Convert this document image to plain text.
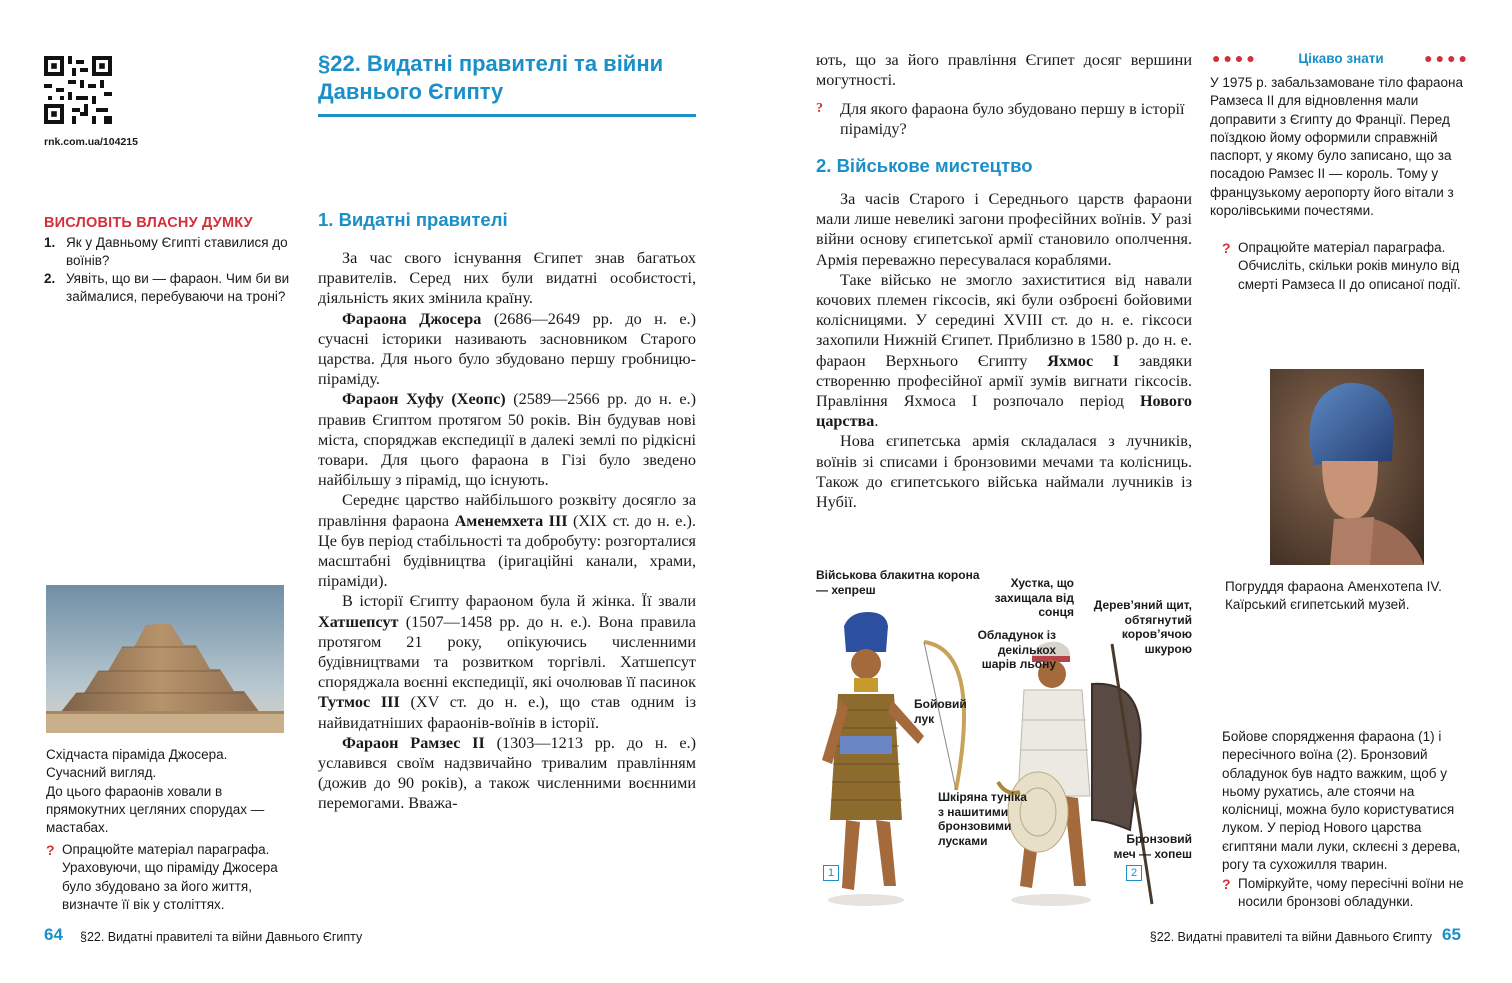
rnk.com.ua/104215
ВИСЛОВІТЬ ВЛАСНУ ДУМКУ
1. Як у Давньому Єгипті ставилися до воїнів?
2. Уявіть, що ви — фараон. Чим би ви займалися, перебуваючи на троні?
Східчаста піраміда Джосера.
Сучасний вигляд.
До цього фараонів ховали в прямокутних цегляних спорудах — мастабах.
? Опрацюйте матеріал параграфа. Ураховуючи, що піраміду Джосера було збудовано за його життя, визначте її вік у століттях.
§22. Видатні правителі та війни Давнього Єгипту
1. Видатні правителі

За час свого існування Єгипет знав багатьох правителів. Серед них були видатні особистості, діяльність яких змінила країну.

Фараона Джосера (2686—2649 рр. до н. е.) сучасні історики називають засновником Старого царства. Для нього було збудовано першу гробницю-піраміду.

Фараон Хуфу (Хеопс) (2589—2566 рр. до н. е.) правив Єгиптом протягом 50 років. Він будував нові міста, споряджав експедиції в далекі землі по рідкісні товари. Для цього фараона в Гізі було зведено найбільшу з пірамід, що існують.

Середнє царство найбільшого розквіту досягло за правління фараона Аменемхета III (XIX ст. до н. е.). Це був період стабільності та добробуту: розгорталися масштабні будівництва (іригаційні канали, храми, піраміди).

В історії Єгипту фараоном була й жінка. Її звали Хатшепсут (1507—1458 рр. до н. е.). Вона правила протягом 21 року, опікуючись численними будівництвами та розвитком торгівлі. Хатшепсут споряджала воєнні експедиції, які очолював її пасинок Тутмос III (XV ст. до н. е.), що став одним із найвидатніших фараонів-воїнів в історії.

Фараон Рамзес II (1303—1213 рр. до н. е.) уславився своїм надзвичайно тривалим правлінням (дожив до 90 років), а також численними воєнними перемогами. Вважа-

ють, що за його правління Єгипет досяг вершини могутності.

?	Для якого фараона було збудовано першу в історії піраміду?
2. Військове мистецтво

За часів Старого і Середнього царств фараони мали лише невеликі загони професійних воїнів. У разі війни основу єгипетської армії становило ополчення. Армія переважно пересувалася кораблями.

Таке військо не змогло захиститися від навали кочових племен гіксосів, які були озброєні бойовими колісницями. У середині XVIII ст. до н. е. гіксоси захопили Нижній Єгипет. Приблизно в 1580 р. до н. е. фараон Верхнього Єгипту Яхмос I завдяки створенню професійної армії зумів вигнати гіксосів. Правління Яхмоса I розпочало період Нового царства.

Нова єгипетська армія складалася з лучників, воїнів зі списами і бронзовими мечами та колісниць. Також до єгипетського війська наймали лучників із Нубії.

Військова блакитна корона — хепреш	Хустка, що захищала від сонця
Обладунок із декількох шарів льону
Дерев’яний щит, обтягнутий коров’ячою шкурою
Бойовий лук
Шкіряна туніка з нашитими бронзовими лусками	Бронзовий меч — хопеш
1	2
●●●●	Цікаво знати	●●●●
У 1975 р. забальзамоване тіло фараона Рамзеса II для відновлення мали доправити з Єгипту до Франції. Перед поїздкою йому оформили справжній паспорт, у якому було записано, що за посадою Рамзес II — король. Тому у французькому аеропорту його вітали з королівськими почестями.
? Опрацюйте матеріал параграфа. Обчисліть, скільки років минуло від смерті Рамзеса II до описаної події.
Погруддя фараона Аменхотепа IV. Каїрський єгипетський музей.
Бойове спорядження фараона (1) і пересічного воїна (2). Бронзовий обладунок був надто важким, щоб у ньому рухатись, але стоячи на колісниці, можна було користуватися луком. У період Нового царства єгиптяни мали луки, склеєні з дерева, рогу та сухожилля тварин.
? Поміркуйте, чому пересічні воїни не носили бронзові обладунки.
64 §22. Видатні правителі та війни Давнього Єгипту	§22. Видатні правителі та війни Давнього Єгипту 65
